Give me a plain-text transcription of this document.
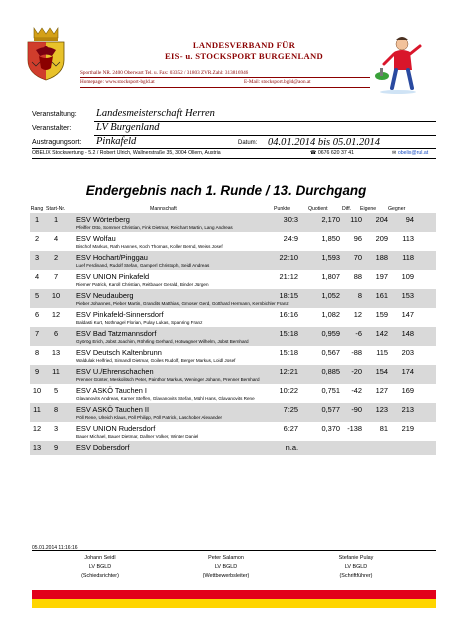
LANDESVERBAND FÜR
EIS- u. STOCKSPORT BURGENLAND
Sporthalle NR. 2400 Oberwart Tel. u. Fax: 03352 / 31803 ZVR.Zahl: 313816946
Homepage: www.stocksport-bgld.at	E-Mail: stocksport.bgld@aon.at
Veranstaltung: Landesmeisterschaft Herren
Veranstalter: LV Burgenland
Austragungsort: Pinkafeld	Datum: 04.01.2014 bis 05.01.2014
OBELIX Stockwertung - 5.2 / Robert Ulrich, Wallnerstraße 35, 3004 Ollern, Austria	☎ 0676 620 37 41	✉ obelix@rul.at
Endergebnis nach 1. Runde / 13. Durchgang
Rang Start-Nr.	Mannschaft	Punkte	Quotient	Diff. Eigene Gegner
1	1	ESV Wörterberg	30:3	2,170	110	204	94
Pfeiffer Otto, Sommer Christian, Fink Dietmar, Reichart Martin, Lang Andreas
2	4	ESV Wolfau	24:9	1,850	96	209	113
Bischof Markus, Rath Hannes, Koch Thomas, Koller Bernd, Weiss Josef
3	2	ESV Hochart/Pinggau	22:10	1,593	70	188	118
Luef Ferdinand, Rudolf Stefan, Gamperl Christoph, Seidl Andreas
4	7	ESV UNION Pinkafeld	21:12	1,807	88	197	109
Riemer Patrick, Karoll Christian, Reitbauer Gerald, Binder Jürgen
5	10	ESV Neudauberg	18:15	1,052	8	161	153
Pieber Johannes, Pieber Martin, Grandits Matthias, Gmoser Gerd, Gotthard Hermann, Kernbichler Franz
6	12	ESV Pinkafeld-Sinnersdorf	16:16	1,082	12	159	147
Baldasti Kurt, Nothnagel Florian, Pulay Lukas, Spanring Franz
7	6	ESV Bad Tatzmannsdorf	15:18	0,959	-6	142	148
Györög Erich, Jobst Joachim, Röhrling Gerhard, Hotwagner Wilhelm, Jobst Bernhard
8	13	ESV Deutsch Kaltenbrunn	15:18	0,567	-88	115	203
Waldulak Helfried, Simandl Dietmar, Goiles Rudolf, Berger Markus, Loidl Josef
9	11	ESV U./Ehrenschachen	12:21	0,885	-20	154	174
Prenner Günter, Meskolitsch Peter, Painthor Markus, Weninger Johann, Prenner Bernhard
10	5	ESV ASKÖ Tauchen I	10:22	0,751	-42	127	169
Glavanovits Andreas, Karner Steffen, Glavanovits Stefan, Mühl Hans, Glavanovits Rene
11	8	ESV ASKÖ Tauchen II	7:25	0,577	-90	123	213
Pöll Rene, Ulreich Klaus, Pöll Philipp, Pöll Patrick, Laschober Alexander
12	3	ESV UNION Rudersdorf	6:27	0,370 -138	81	219
Bauer Michael, Bauer Dietmar, Dallner Volker, Winter Daniel
13	9	ESV Dobersdorf	n.a.
05.01.2014 11:16:16
Johann Seidl
LV BGLD
(Schiedsrichter)
Peter Salamon
LV BGLD
(Wettbewerbsleiter)
Stefanie Pulay
LV BGLD
(Schriftführer)
